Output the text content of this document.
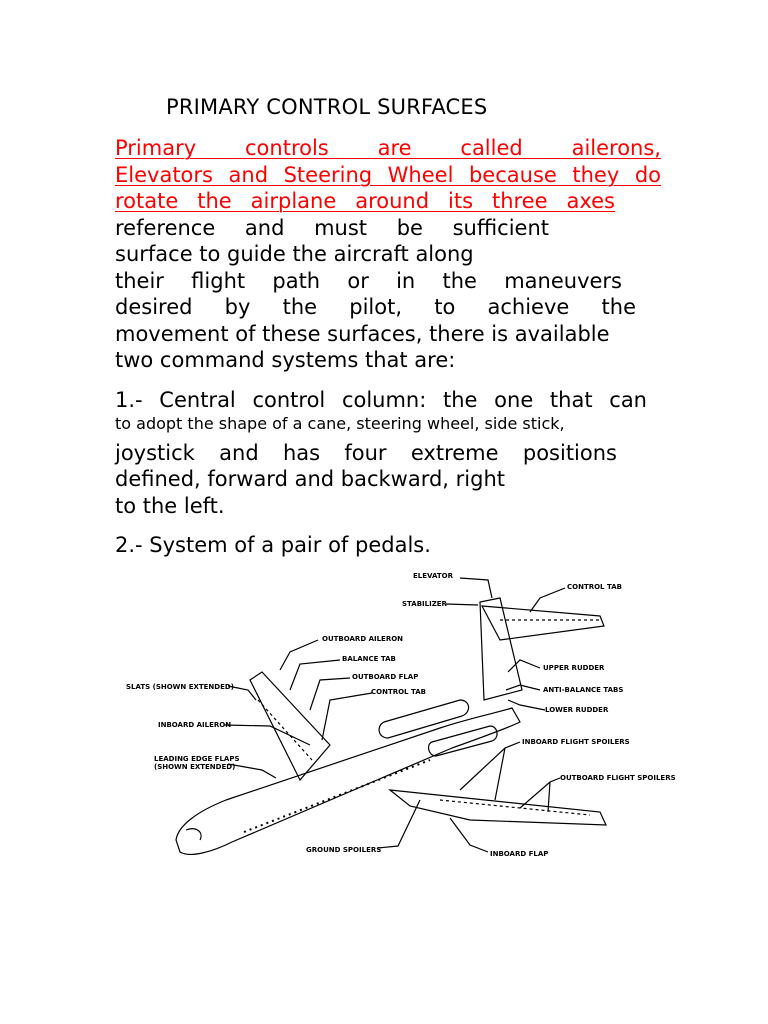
PRIMARY CONTROL SURFACES
Primary controls are called ailerons,
Elevators and Steering Wheel because they do
rotate the airplane around its three axes
reference and must be sufficient
surface to guide the aircraft along
their flight path or in the maneuvers
desired by the pilot, to achieve the
movement of these surfaces, there is available
two command systems that are:
1.- Central control column: the one that can
to adopt the shape of a cane, steering wheel, side stick,
joystick and has four extreme positions
defined, forward and backward, right
to the left.
2.- System of a pair of pedals.
ELEVATOR
CONTROL TAB
STABILIZER
OUTBOARD AILERON
BALANCE TAB
OUTBOARD FLAP
SLATS (SHOWN EXTENDED)
CONTROL TAB
UPPER RUDDER
ANTI-BALANCE TABS
LOWER RUDDER
INBOARD AILERON
INBOARD FLIGHT SPOILERS
LEADING EDGE FLAPS
(SHOWN EXTENDED)
OUTBOARD FLIGHT SPOILERS
GROUND SPOILERS	INBOARD FLAP
